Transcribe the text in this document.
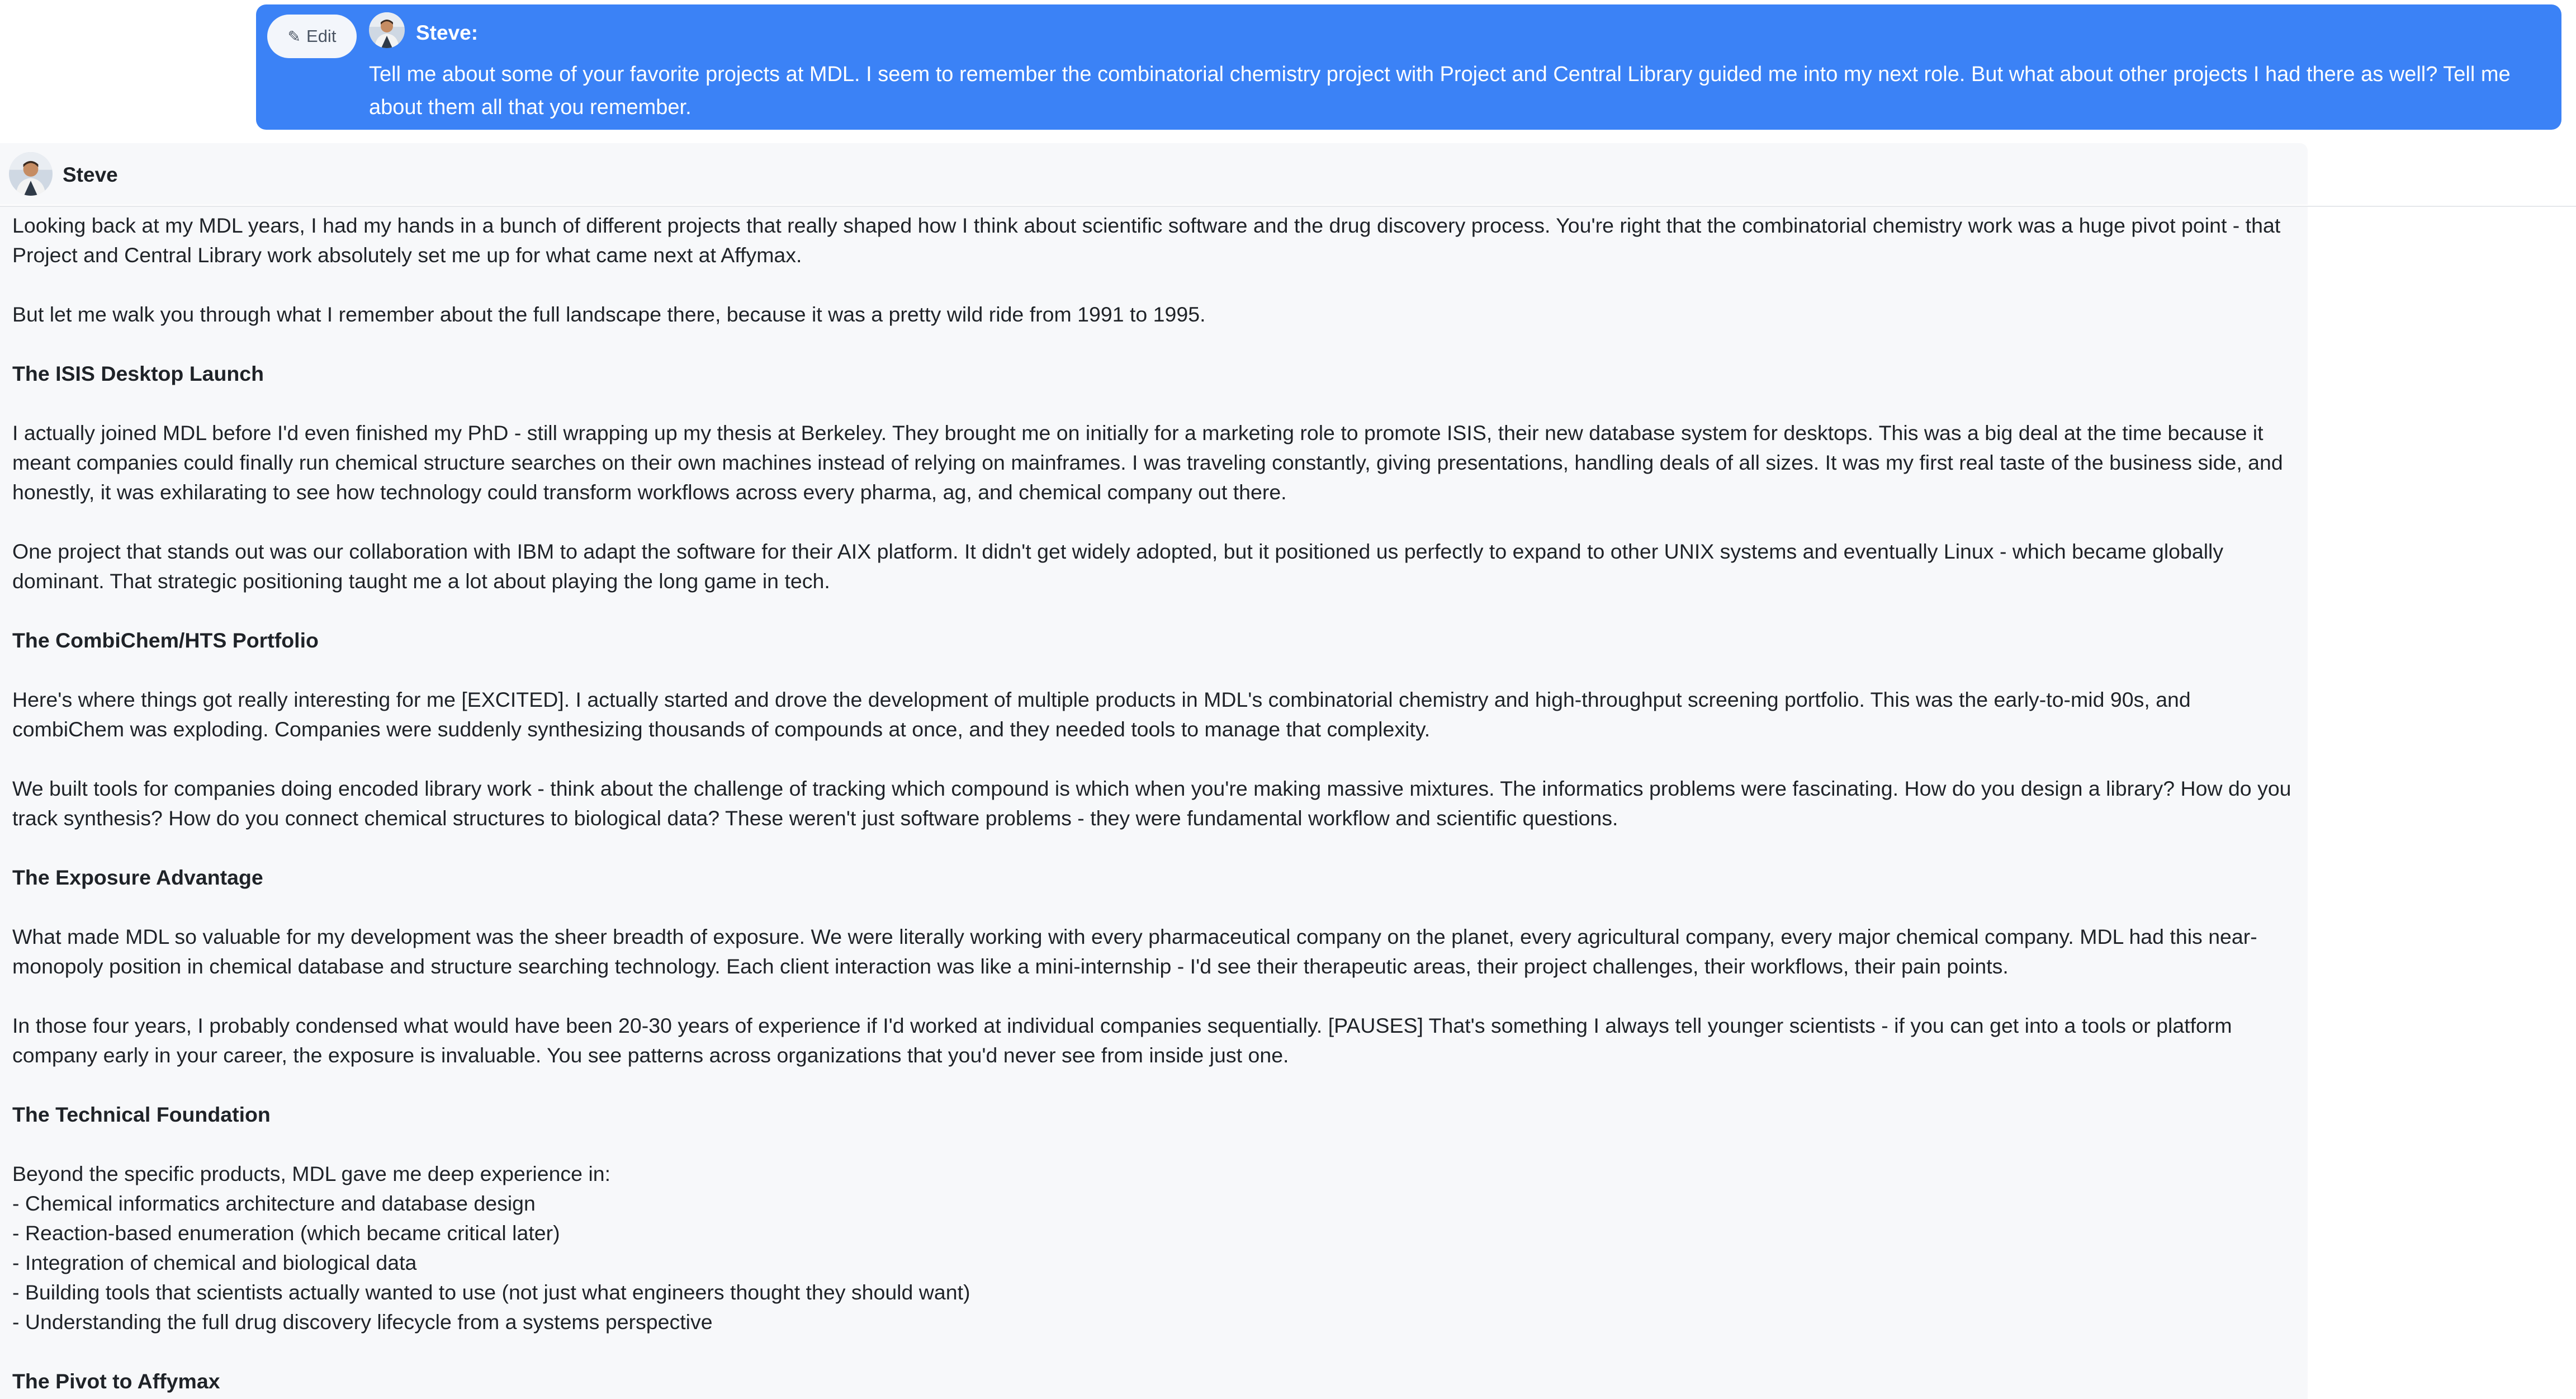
✎ Edit	Steve:
Tell me about some of your favorite projects at MDL. I seem to remember the combinatorial chemistry project with Project and Central Library guided me into my next role. But what about other projects I had there as well? Tell me about them all that you remember.
Steve

Looking back at my MDL years, I had my hands in a bunch of different projects that really shaped how I think about scientific software and the drug discovery process. You're right that the combinatorial chemistry work was a huge pivot point - that Project and Central Library work absolutely set me up for what came next at Affymax.

But let me walk you through what I remember about the full landscape there, because it was a pretty wild ride from 1991 to 1995.

The ISIS Desktop Launch

I actually joined MDL before I'd even finished my PhD - still wrapping up my thesis at Berkeley. They brought me on initially for a marketing role to promote ISIS, their new database system for desktops. This was a big deal at the time because it meant companies could finally run chemical structure searches on their own machines instead of relying on mainframes. I was traveling constantly, giving presentations, handling deals of all sizes. It was my first real taste of the business side, and honestly, it was exhilarating to see how technology could transform workflows across every pharma, ag, and chemical company out there.

One project that stands out was our collaboration with IBM to adapt the software for their AIX platform. It didn't get widely adopted, but it positioned us perfectly to expand to other UNIX systems and eventually Linux - which became globally dominant. That strategic positioning taught me a lot about playing the long game in tech.

The CombiChem/HTS Portfolio

Here's where things got really interesting for me [EXCITED]. I actually started and drove the development of multiple products in MDL's combinatorial chemistry and high-throughput screening portfolio. This was the early-to-mid 90s, and combiChem was exploding. Companies were suddenly synthesizing thousands of compounds at once, and they needed tools to manage that complexity.

We built tools for companies doing encoded library work - think about the challenge of tracking which compound is which when you're making massive mixtures. The informatics problems were fascinating. How do you design a library? How do you track synthesis? How do you connect chemical structures to biological data? These weren't just software problems - they were fundamental workflow and scientific questions.

The Exposure Advantage

What made MDL so valuable for my development was the sheer breadth of exposure. We were literally working with every pharmaceutical company on the planet, every agricultural company, every major chemical company. MDL had this near-monopoly position in chemical database and structure searching technology. Each client interaction was like a mini-internship - I'd see their therapeutic areas, their project challenges, their workflows, their pain points.

In those four years, I probably condensed what would have been 20-30 years of experience if I'd worked at individual companies sequentially. [PAUSES] That's something I always tell younger scientists - if you can get into a tools or platform company early in your career, the exposure is invaluable. You see patterns across organizations that you'd never see from inside just one.

The Technical Foundation

Beyond the specific products, MDL gave me deep experience in:

- Chemical informatics architecture and database design
- Reaction-based enumeration (which became critical later)
- Integration of chemical and biological data
- Building tools that scientists actually wanted to use (not just what engineers thought they should want)
- Understanding the full drug discovery lifecycle from a systems perspective

The Pivot to Affymax
